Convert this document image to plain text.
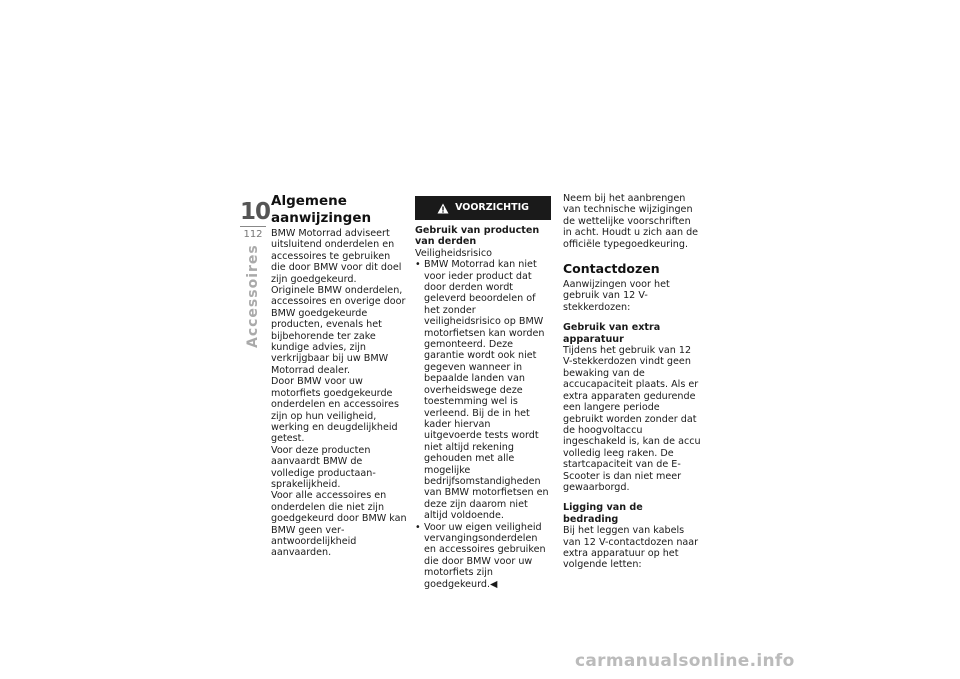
10
112
Accessoires
Algemene aanwijzingen

BMW Motorrad adviseert uitsluitend onderdelen en accessoires te gebruiken die door BMW voor dit doel zijn goedgekeurd.

Originele BMW onderdelen, accessoires en overige door BMW goedgekeurde producten, evenals het bijbehorende ter zake kundige advies, zijn verkrijgbaar bij uw BMW Motorrad dealer.

Door BMW voor uw motorfiets goedgekeurde onderdelen en accessoires zijn op hun veiligheid, werking en deugdelijkheid getest.

Voor deze producten aanvaardt BMW de volledige productaansprakelijkheid.

Voor alle accessoires en onderdelen die niet zijn goedgekeurd door BMW kan BMW geen verantwoordelijkheid aanvaarden.

VOORZICHTIG
Gebruik van producten van derden
Veiligheidsrisico
• BMW Motorrad kan niet voor ieder product dat door derden wordt geleverd beoordelen of het zonder veiligheidsrisico op BMW motorfietsen kan worden gemonteerd. Deze garantie wordt ook niet gegeven wanneer in bepaalde landen van overheidswege deze toestemming wel is verleend. Bij de in het kader hiervan uitgevoerde tests wordt niet altijd rekening gehouden met alle mogelijke bedrijfsomstandigheden van BMW motorfietsen en deze zijn daarom niet altijd voldoende.
• Voor uw eigen veiligheid vervangingsonderdelen en accessoires gebruiken die door BMW voor uw motorfiets zijn goedgekeurd.◀

Neem bij het aanbrengen van technische wijzigingen de wettelijke voorschriften in acht. Houdt u zich aan de officiële typegoedkeuring.

Contactdozen

Aanwijzingen voor het gebruik van 12 V-stekkerdozen:

Gebruik van extra apparatuur

Tijdens het gebruik van 12 V-stekkerdozen vindt geen bewaking van de accucapaciteit plaats. Als er extra apparaten gedurende een langere periode gebruikt worden zonder dat de hoogvoltaccu ingeschakeld is, kan de accu volledig leeg raken. De startcapaciteit van de E-Scooter is dan niet meer gewaarborgd.

Ligging van de bedrading

Bij het leggen van kabels van 12 V-contactdozen naar extra apparatuur op het volgende letten:

carmanualsonline.info
